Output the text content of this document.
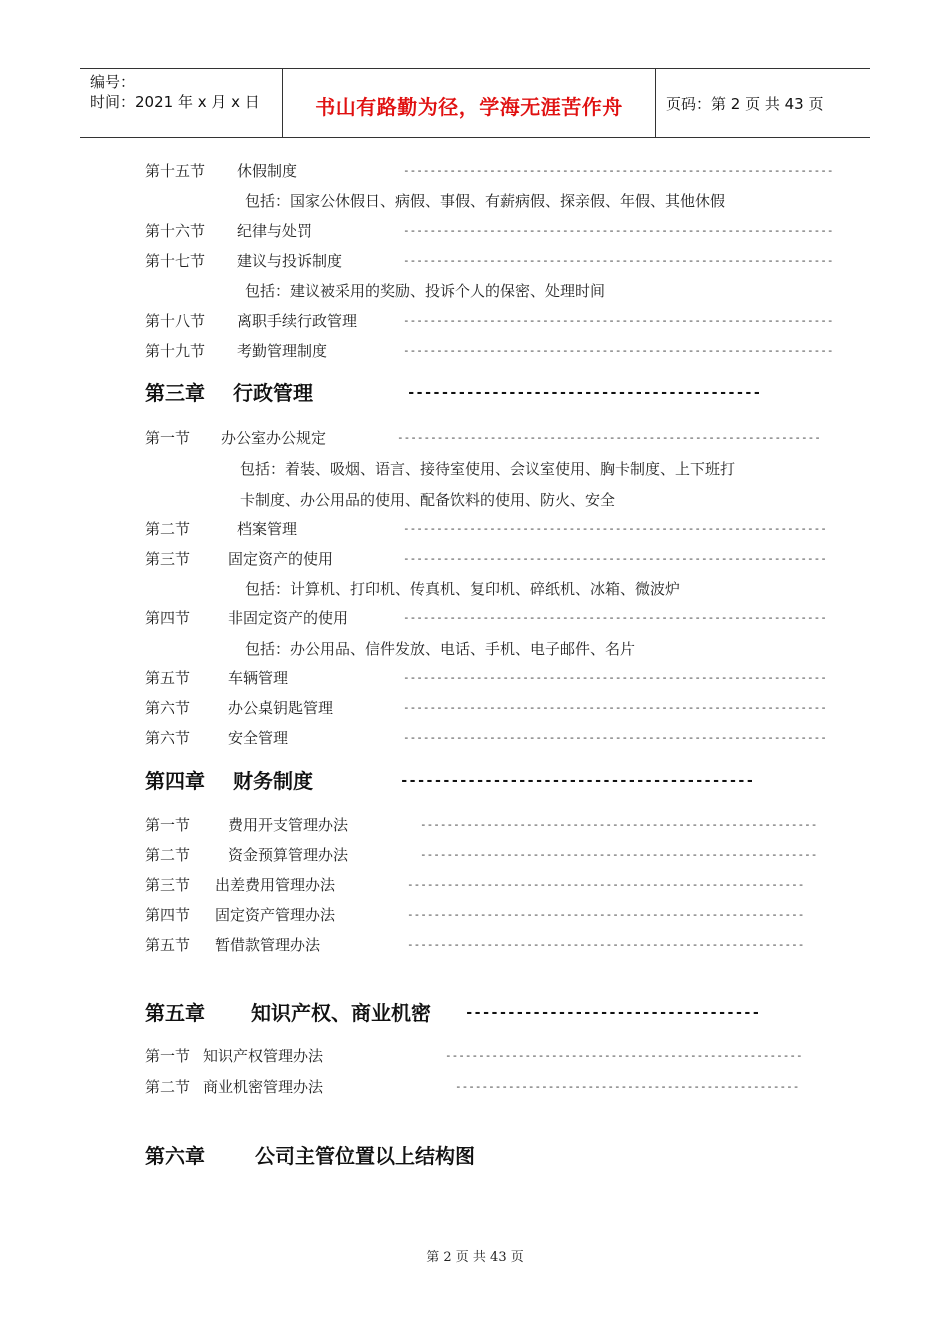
编号：
时间：2021 年 x 月 x 日	书山有路勤为径，学海无涯苦作舟	页码：第 2 页 共 43 页
第十五节 休假制度	-----------------------------------------------------------------
包括：国家公休假日、病假、事假、有薪病假、探亲假、年假、其他休假
第十六节 纪律与处罚	-----------------------------------------------------------------
第十七节 建议与投诉制度	-----------------------------------------------------------------
包括：建议被采用的奖励、投诉个人的保密、处理时间
第十八节 离职手续行政管理	-----------------------------------------------------------------
第十九节 考勤管理制度	-----------------------------------------------------------------
第三章 行政管理	------------------------------------------
第一节 办公室办公规定	----------------------------------------------------------------
包括：着装、吸烟、语言、接待室使用、会议室使用、胸卡制度、上下班打
卡制度、办公用品的使用、配备饮料的使用、防火、安全
第二节	档案管理	----------------------------------------------------------------
第三节	固定资产的使用	----------------------------------------------------------------
包括：计算机、打印机、传真机、复印机、碎纸机、冰箱、微波炉
第四节	非固定资产的使用	----------------------------------------------------------------
包括：办公用品、信件发放、电话、手机、电子邮件、名片
第五节	车辆管理	----------------------------------------------------------------
第六节	办公桌钥匙管理	----------------------------------------------------------------
第六节	安全管理	----------------------------------------------------------------
第四章 财务制度	------------------------------------------
第一节	费用开支管理办法	------------------------------------------------------------
第二节	资金预算管理办法	------------------------------------------------------------
第三节 出差费用管理办法	------------------------------------------------------------
第四节 固定资产管理办法	------------------------------------------------------------
第五节 暂借款管理办法	------------------------------------------------------------
第五章 知识产权、商业机密 -----------------------------------
第一节 知识产权管理办法	------------------------------------------------------
第二节 商业机密管理办法	----------------------------------------------------
第六章	公司主管位置以上结构图
第 2 页 共 43 页
